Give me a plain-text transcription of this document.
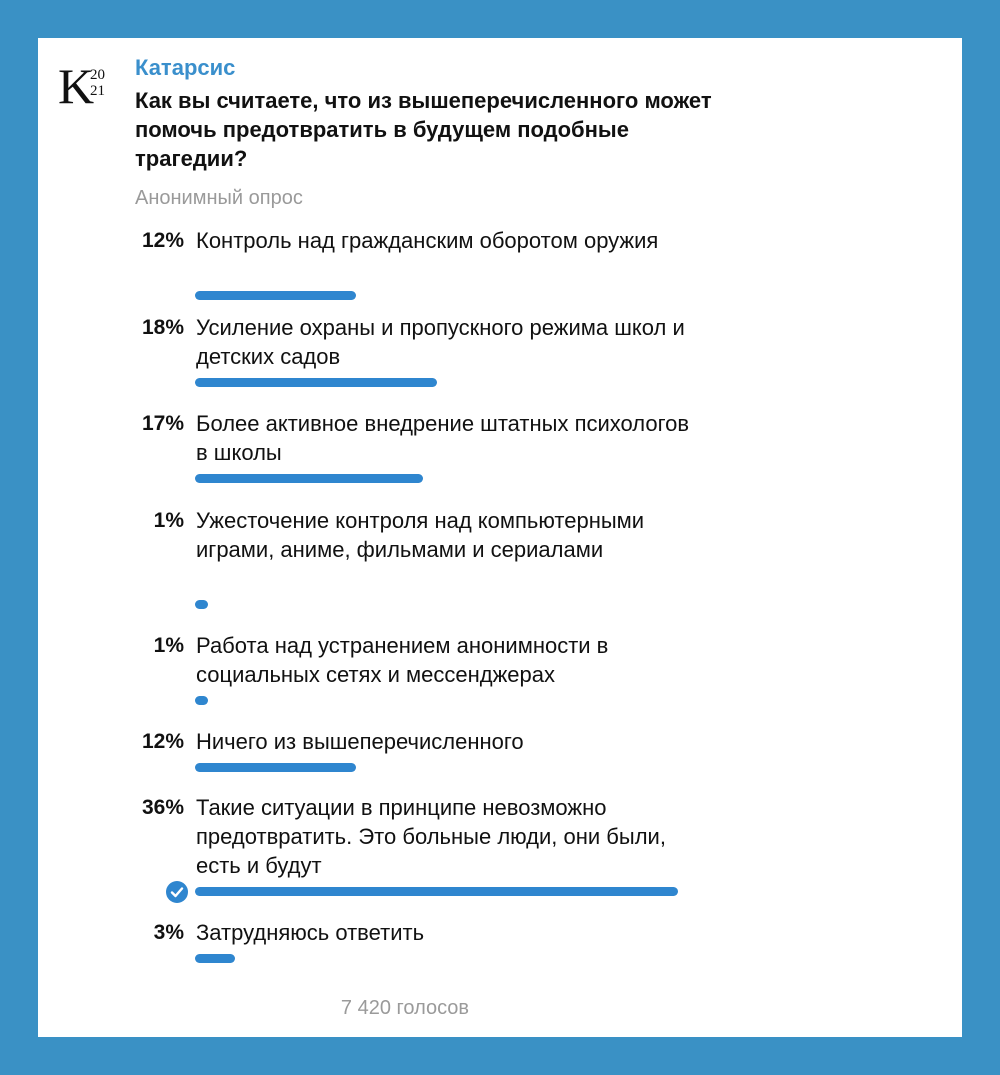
K
20
21
Катарсис
Как вы считаете, что из вышеперечисленного может помочь предотвратить в будущем подобные трагедии?
Анонимный опрос
12% Контроль над гражданским оборотом оружия
18% Усиление охраны и пропускного режима школ и детских садов
17% Более активное внедрение штатных психологов в школы
1% Ужесточение контроля над компьютерными играми, аниме, фильмами и сериалами
1% Работа над устранением анонимности в социальных сетях и мессенджерах
12% Ничего из вышеперечисленного
36% Такие ситуации в принципе невозможно предотвратить. Это больные люди, они были, есть и будут
3% Затрудняюсь ответить
7 420 голосов
